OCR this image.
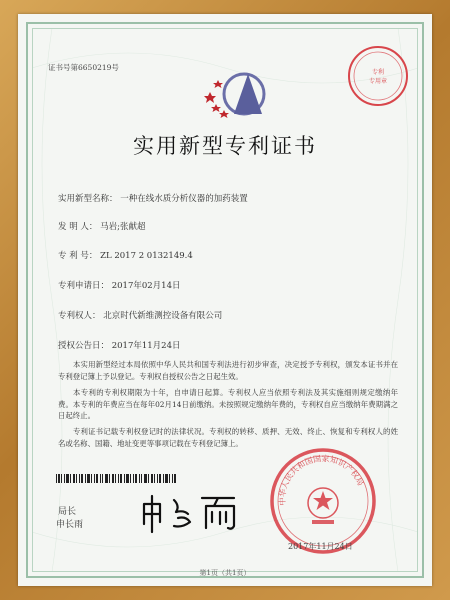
证书号第6650219号
专利
专用章
实用新型专利证书
实用新型名称： 一种在线水质分析仪器的加药装置
发 明 人： 马岩;张献超
专 利 号： ZL 2017 2 0132149.4
专利申请日： 2017年02月14日
专利权人： 北京时代新维测控设备有限公司
授权公告日： 2017年11月24日
本实用新型经过本局依照中华人民共和国专利法进行初步审查，决定授予专利权，颁发本证书并在专利登记簿上予以登记。专利权自授权公告之日起生效。
本专利的专利权期限为十年，自申请日起算。专利权人应当依照专利法及其实施细则规定缴纳年费。本专利的年费应当在每年02月14日前缴纳。未按照规定缴纳年费的，专利权自应当缴纳年费期满之日起终止。
专利证书记载专利权登记时的法律状况。专利权的转移、质押、无效、终止、恢复和专利权人的姓名或名称、国籍、地址变更等事项记载在专利登记簿上。
局长
申长雨
中华人民共和国国家知识产权局
2017年11月24日
第1页（共1页）
